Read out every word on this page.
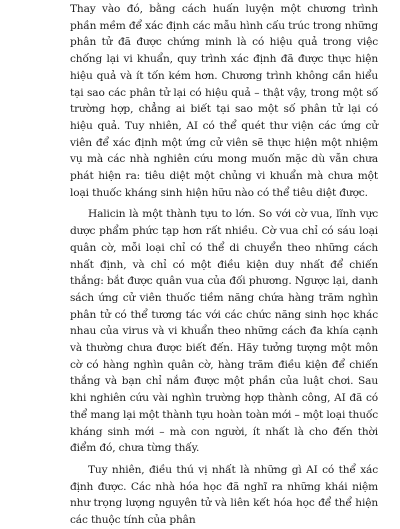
Thay vào đó, bằng cách huấn luyện một chương trình phần mềm để xác định các mẫu hình cấu trúc trong những phân tử đã được chứng minh là có hiệu quả trong việc chống lại vi khuẩn, quy trình xác định đã được thực hiện hiệu quả và ít tốn kém hơn. Chương trình không cần hiểu tại sao các phân tử lại có hiệu quả – thật vậy, trong một số trường hợp, chẳng ai biết tại sao một số phân tử lại có hiệu quả. Tuy nhiên, AI có thể quét thư viện các ứng cử viên để xác định một ứng cử viên sẽ thực hiện một nhiệm vụ mà các nhà nghiên cứu mong muốn mặc dù vẫn chưa phát hiện ra: tiêu diệt một chủng vi khuẩn mà chưa một loại thuốc kháng sinh hiện hữu nào có thể tiêu diệt được.

Halicin là một thành tựu to lớn. So với cờ vua, lĩnh vực dược phẩm phức tạp hơn rất nhiều. Cờ vua chỉ có sáu loại quân cờ, mỗi loại chỉ có thể di chuyển theo những cách nhất định, và chỉ có một điều kiện duy nhất để chiến thắng: bắt được quân vua của đối phương. Ngược lại, danh sách ứng cử viên thuốc tiềm năng chứa hàng trăm nghìn phân tử có thể tương tác với các chức năng sinh học khác nhau của virus và vi khuẩn theo những cách đa khía cạnh và thường chưa được biết đến. Hãy tưởng tượng một môn cờ có hàng nghìn quân cờ, hàng trăm điều kiện để chiến thắng và bạn chỉ nắm được một phần của luật chơi. Sau khi nghiên cứu vài nghìn trường hợp thành công, AI đã có thể mang lại một thành tựu hoàn toàn mới – một loại thuốc kháng sinh mới – mà con người, ít nhất là cho đến thời điểm đó, chưa từng thấy.

Tuy nhiên, điều thú vị nhất là những gì AI có thể xác định được. Các nhà hóa học đã nghĩ ra những khái niệm như trọng lượng nguyên tử và liên kết hóa học để thể hiện các thuộc tính của phân
